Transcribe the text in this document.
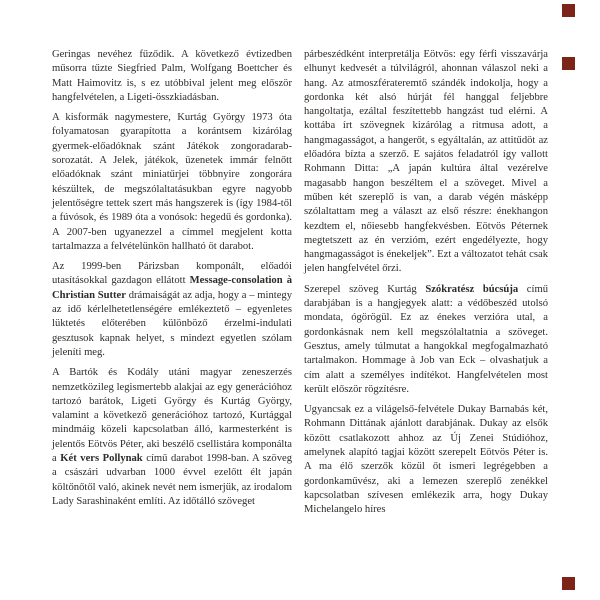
Geringas nevéhez fűződik. A következő évtizedben műsorra tűzte Siegfried Palm, Wolfgang Boettcher és Matt Haimovitz is, s ez utóbbival jelent meg először hangfelvételen, a Ligeti-összkiadásban.

A kisformák nagymestere, Kurtág György 1973 óta folyamatosan gyarapította a korántsem kizárólag gyermek-előadóknak szánt Játékok zongoradarab-sorozatát. A Jelek, játékok, üzenetek immár felnőtt előadóknak szánt miniatűrjei többnyire zongorára készültek, de megszólaltatásukban egyre nagyobb jelentőségre tettek szert más hangszerek is (így 1984-től a fúvósok, és 1989 óta a vonósok: hegedű és gordonka). A 2007-ben ugyanezzel a címmel megjelent kotta tartalmazza a felvételünkön hallható öt darabot.

Az 1999-ben Párizsban komponált, előadói utasításokkal gazdagon ellátott Message-consolation à Christian Sutter drámaiságát az adja, hogy a – mintegy az idő kérlelhetetlenségére emlékeztető – egyenletes lüktetés előterében különböző érzelmi-indulati gesztusok kapnak helyet, s mindezt egyetlen szólam jeleníti meg.

A Bartók és Kodály utáni magyar zeneszerzés nemzetközileg legismertebb alakjai az egy generációhoz tartozó barátok, Ligeti György és Kurtág György, valamint a következő generációhoz tartozó, Kurtággal mindmáig közeli kapcsolatban álló, karmesterként is jelentős Eötvös Péter, aki beszélő csellistára komponálta a Két vers Pollynak című darabot 1998-ban. A szöveg a császári udvarban 1000 évvel ezelőtt élt japán költőnőtől való, akinek nevét nem ismerjük, az irodalom Lady Sarashinaként említi. Az időtálló szöveget

párbeszédként interpretálja Eötvös: egy férfi visszavárja elhunyt kedvesét a túlvilágról, ahonnan válaszol neki a hang. Az atmoszférateremtő szándék indokolja, hogy a gordonka két alsó húrját fél hanggal feljebbre hangoltatja, ezáltal feszítettebb hangzást tud elérni. A kottába írt szövegnek kizárólag a ritmusa adott, a hangmagasságot, a hangerőt, s egyáltalán, az attitűdöt az előadóra bízta a szerző. E sajátos feladatról így vallott Rohmann Ditta: „A japán kultúra által vezérelve magasabb hangon beszéltem el a szöveget. Mivel a műben két szereplő is van, a darab végén másképp szólaltattam meg a választ az első részre: énekhangon kezdtem el, nőiesebb hangfekvésben. Eötvös Péternek megtetszett az én verzióm, ezért engedélyezte, hogy hangmagasságot is énekeljek”. Ezt a változatot tehát csak jelen hangfelvétel őrzi.

Szerepel szöveg Kurtág Szókratész búcsúja című darabjában is a hangjegyek alatt: a védőbeszéd utolsó mondata, ógörögül. Ez az énekes verzióra utal, a gordonkásnak nem kell megszólaltatnia a szöveget. Gesztus, amely túlmutat a hangokkal megfogalmazható tartalmakon. Hommage à Job van Eck – olvashatjuk a cím alatt a személyes indítékot. Hangfelvételen most került először rögzítésre.

Ugyancsak ez a világelső-felvétele Dukay Barnabás két, Rohmann Dittának ajánlott darabjának. Dukay az elsők között csatlakozott ahhoz az Új Zenei Stúdióhoz, amelynek alapító tagjai között szerepelt Eötvös Péter is. A ma élő szerzők közül őt ismeri legrégebben a gordonkaművész, aki a lemezen szereplő zenékkel kapcsolatban szívesen emlékezik arra, hogy Dukay Michelangelo híres
